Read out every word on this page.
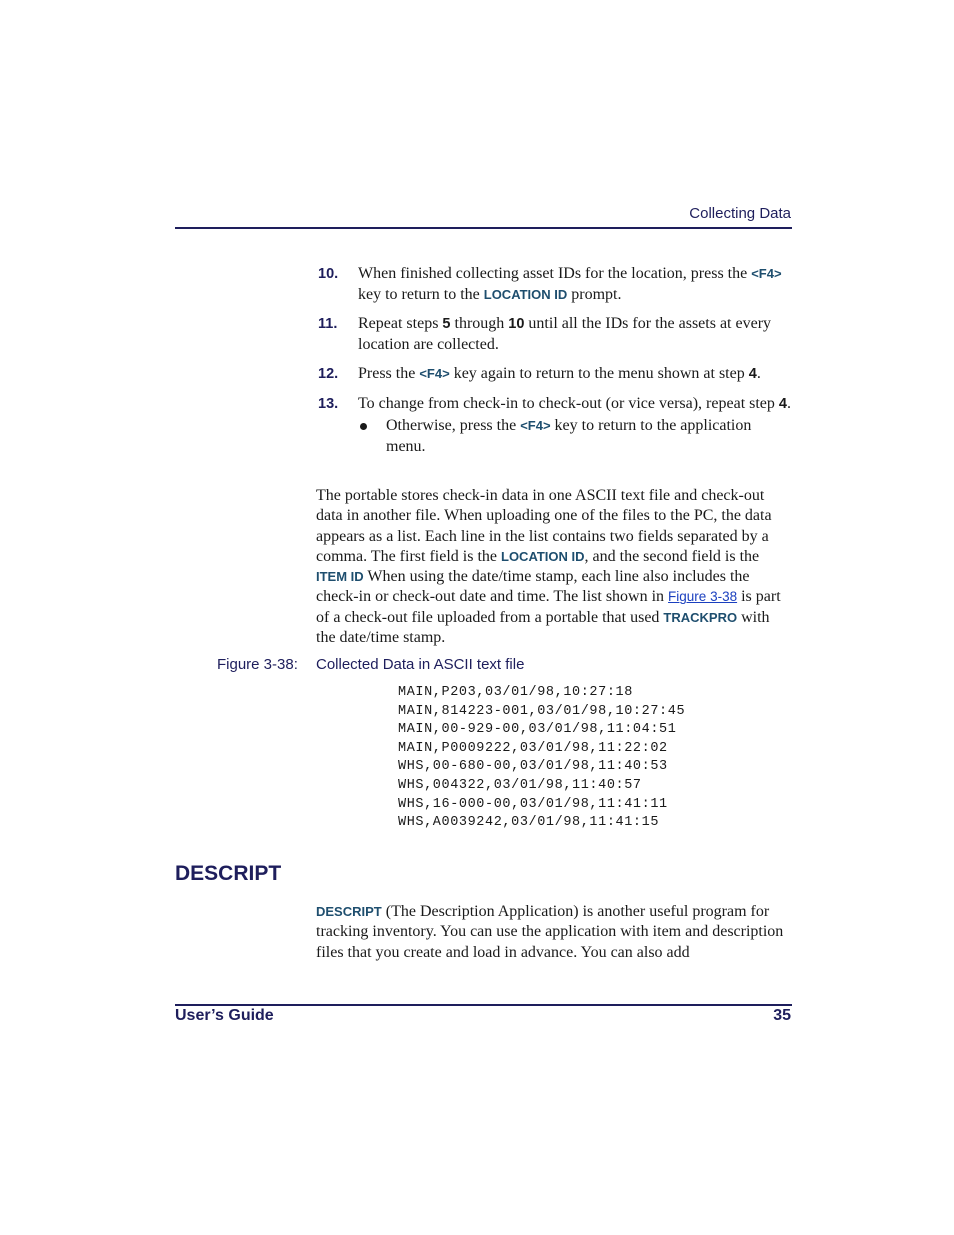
Collecting Data
10. When finished collecting asset IDs for the location, press the <F4> key to return to the LOCATION ID prompt.
11. Repeat steps 5 through 10 until all the IDs for the assets at every location are collected.
12. Press the <F4> key again to return to the menu shown at step 4.
13. To change from check-in to check-out (or vice versa), repeat step 4.
Otherwise, press the <F4> key to return to the application menu.
The portable stores check-in data in one ASCII text file and check-out data in another file. When uploading one of the files to the PC, the data appears as a list. Each line in the list contains two fields separated by a comma. The first field is the LOCATION ID, and the second field is the ITEM ID When using the date/time stamp, each line also includes the check-in or check-out date and time. The list shown in Figure 3-38 is part of a check-out file uploaded from a portable that used TRACKPRO with the date/time stamp.
Figure 3-38: Collected Data in ASCII text file
MAIN,P203,03/01/98,10:27:18
MAIN,814223-001,03/01/98,10:27:45
MAIN,00-929-00,03/01/98,11:04:51
MAIN,P0009222,03/01/98,11:22:02
WHS,00-680-00,03/01/98,11:40:53
WHS,004322,03/01/98,11:40:57
WHS,16-000-00,03/01/98,11:41:11
WHS,A0039242,03/01/98,11:41:15
DESCRIPT
DESCRIPT (The Description Application) is another useful program for tracking inventory. You can use the application with item and description files that you create and load in advance. You can also add
User’s Guide	35
